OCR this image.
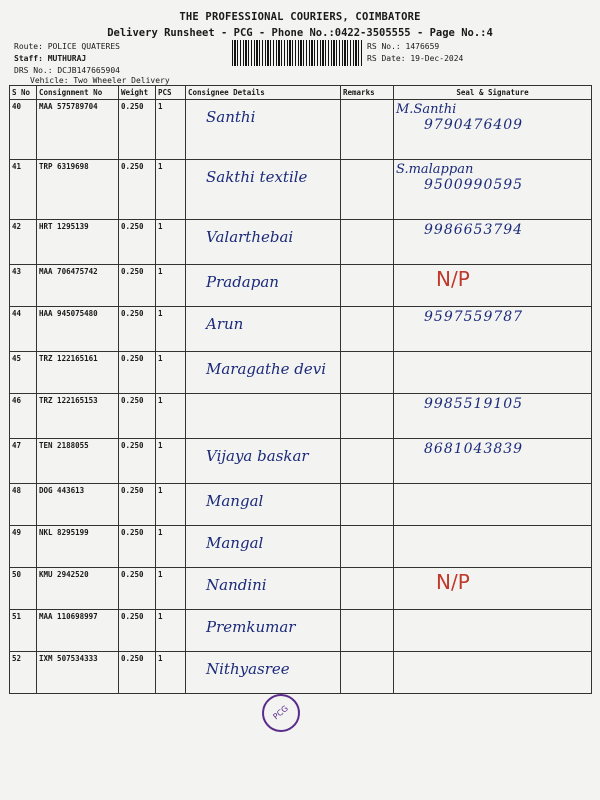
THE PROFESSIONAL COURIERS, COIMBATORE
Delivery Runsheet - PCG - Phone No.:0422-3505555 - Page No.:4
Route: POLICE QUATERES
Staff: MUTHURAJ
DRS No.: DCJB147665904
Vehicle: Two Wheeler Delivery
RS No.: 1476659
RS Date: 19-Dec-2024
S No	Consignment No	Weight	PCS	Consignee Details	Remarks	Seal & Signature
40	MAA 575789704	0.250	1	Santhi		M.Santhi
9790476409

41	TRP 6319698	0.250	1	Sakthi textile		S.malappan
9500990595

42	HRT 1295139	0.250	1	Valarthebai		9986653794

43	MAA 706475742	0.250	1	Pradapan		N/P
44	HAA 945075480	0.250	1	Arun		9597559787

45	TRZ 122165161	0.250	1	Maragathe devi		

46	TRZ 122165153	0.250	1			9985519105

47	TEN 2188055	0.250	1	Vijaya baskar		8681043839

48	DOG 443613	0.250	1	Mangal		

49	NKL 8295199	0.250	1	Mangal		

50	KMU 2942520	0.250	1	Nandini		N/P
51	MAA 110698997	0.250	1	Premkumar		

52	IXM 507534333	0.250	1	Nithyasree		

PCG
